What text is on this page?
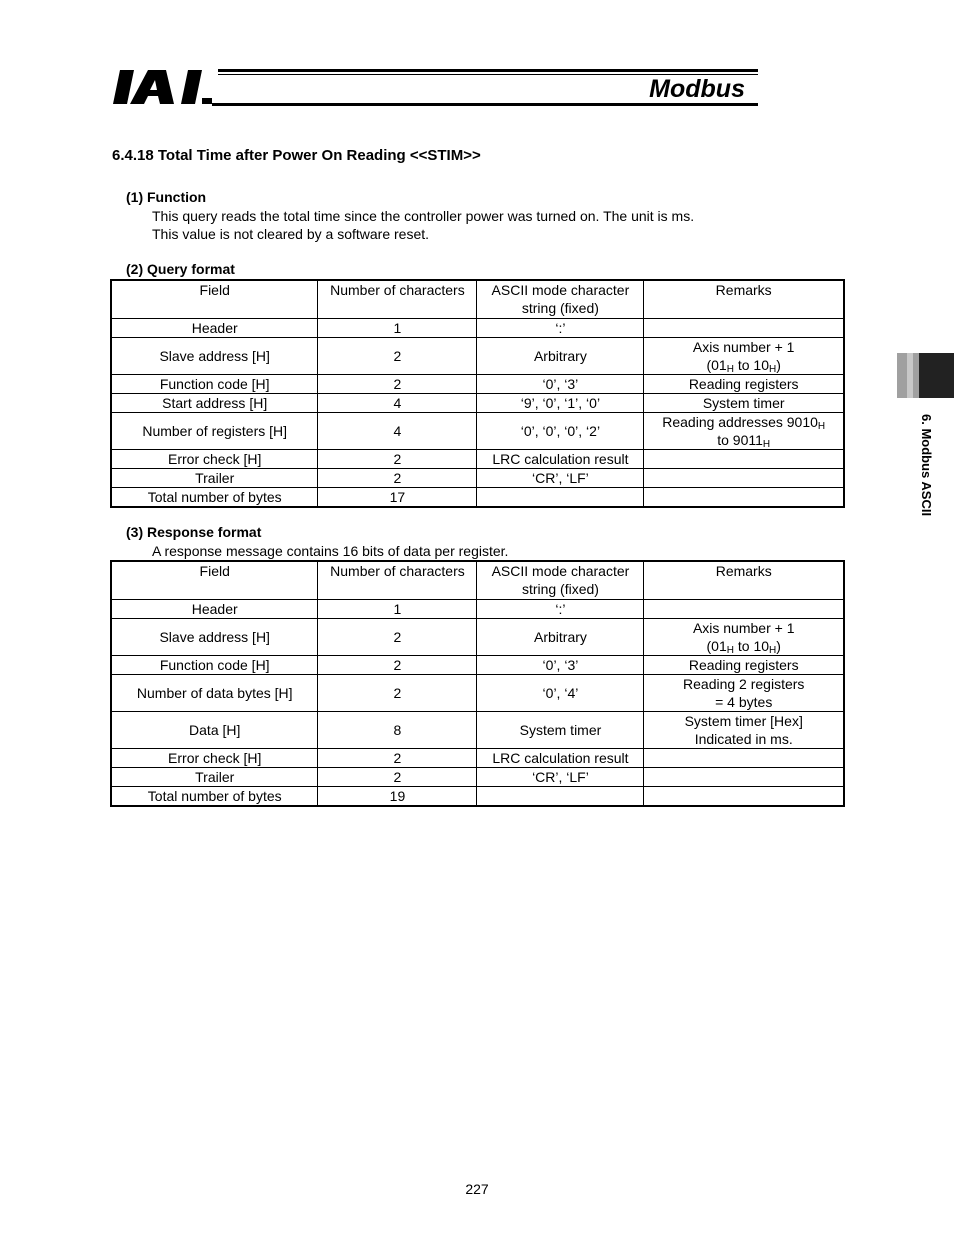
Modbus
6.4.18 Total Time after Power On Reading <<STIM>>
(1) Function
This query reads the total time since the controller power was turned on. The unit is ms.
This value is not cleared by a software reset.
(2) Query format
Field	Number of characters	ASCII mode character string (fixed)	Remarks
Header	1	‘:’	
Slave address [H]	2	Arbitrary	Axis number + 1
($01_H$ to $10_H$)
Function code [H]	2	‘0’, ‘3’	Reading registers
Start address [H]	4	‘9’, ‘0’, ‘1’, ‘0’	System timer
Number of registers [H]	4	‘0’, ‘0’, ‘0’, ‘2’	Reading addresses $9010_H$
to $9011_H$
Error check [H]	2	LRC calculation result	
Trailer	2	‘CR’, ‘LF’	
Total number of bytes	17		
(3) Response format
A response message contains 16 bits of data per register.
Field	Number of characters	ASCII mode character string (fixed)	Remarks
Header	1	‘:’	
Slave address [H]	2	Arbitrary	Axis number + 1
($01_H$ to $10_H$)
Function code [H]	2	‘0’, ‘3’	Reading registers
Number of data bytes [H]	2	‘0’, ‘4’	Reading 2 registers
= 4 bytes
Data [H]	8	System timer	System timer [Hex]
Indicated in ms.
Error check [H]	2	LRC calculation result	
Trailer	2	‘CR’, ‘LF’	
Total number of bytes	19		
6. Modbus ASCII
227
